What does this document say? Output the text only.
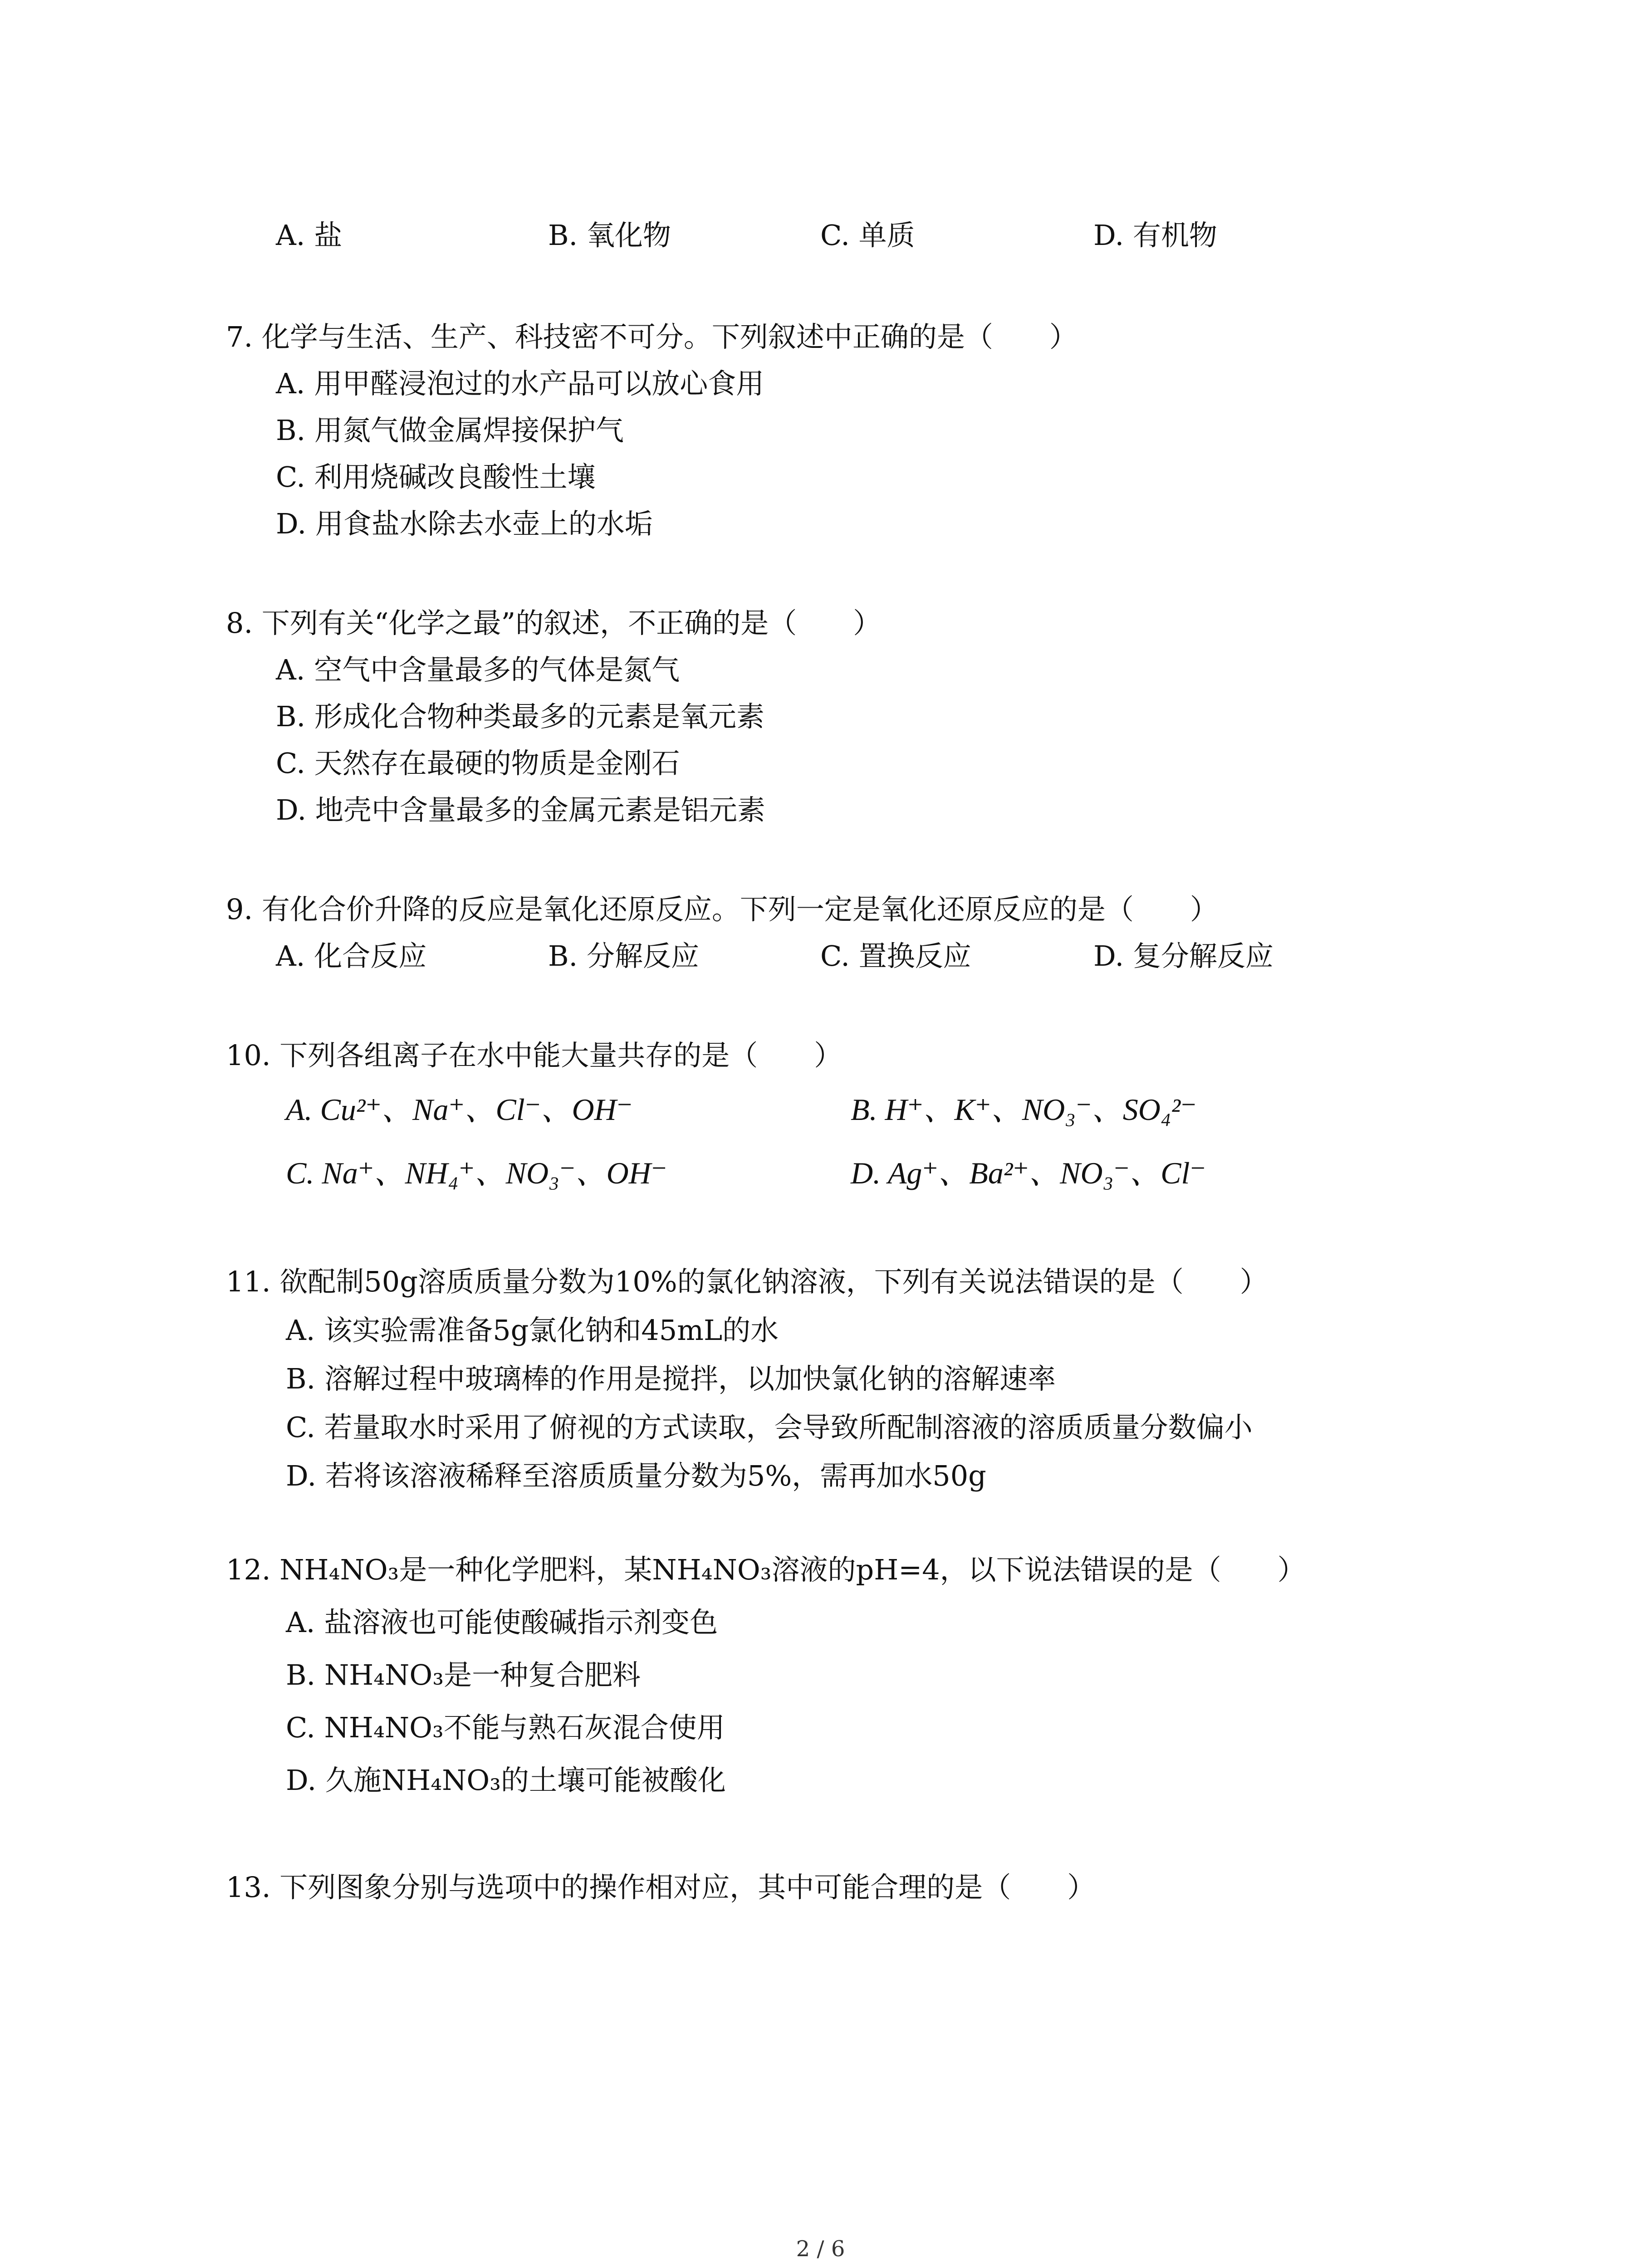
A. 盐	B. 氧化物	C. 单质	D. 有机物
7. 化学与生活、生产、科技密不可分。下列叙述中正确的是（　　）
A. 用甲醛浸泡过的水产品可以放心食用
B. 用氮气做金属焊接保护气
C. 利用烧碱改良酸性土壤
D. 用食盐水除去水壶上的水垢
8. 下列有关“化学之最”的叙述，不正确的是（　　）
A. 空气中含量最多的气体是氮气
B. 形成化合物种类最多的元素是氧元素
C. 天然存在最硬的物质是金刚石
D. 地壳中含量最多的金属元素是铝元素
9. 有化合价升降的反应是氧化还原反应。下列一定是氧化还原反应的是（　　）
A. 化合反应	B. 分解反应	C. 置换反应	D. 复分解反应
10. 下列各组离子在水中能大量共存的是（　　）
A. Cu²⁺、Na⁺、Cl⁻、OH⁻	B. H⁺、K⁺、NO₃⁻、SO₄²⁻
C. Na⁺、NH₄⁺、NO₃⁻、OH⁻	D. Ag⁺、Ba²⁺、NO₃⁻、Cl⁻
11. 欲配制50g溶质质量分数为10%的氯化钠溶液，下列有关说法错误的是（　　）
A. 该实验需准备5g氯化钠和45mL的水
B. 溶解过程中玻璃棒的作用是搅拌，以加快氯化钠的溶解速率
C. 若量取水时采用了俯视的方式读取，会导致所配制溶液的溶质质量分数偏小
D. 若将该溶液稀释至溶质质量分数为5%，需再加水50g
12. NH₄NO₃是一种化学肥料，某NH₄NO₃溶液的pH=4，以下说法错误的是（　　）
A. 盐溶液也可能使酸碱指示剂变色
B. NH₄NO₃是一种复合肥料
C. NH₄NO₃不能与熟石灰混合使用
D. 久施NH₄NO₃的土壤可能被酸化
13. 下列图象分别与选项中的操作相对应，其中可能合理的是（　　）
2 / 6
